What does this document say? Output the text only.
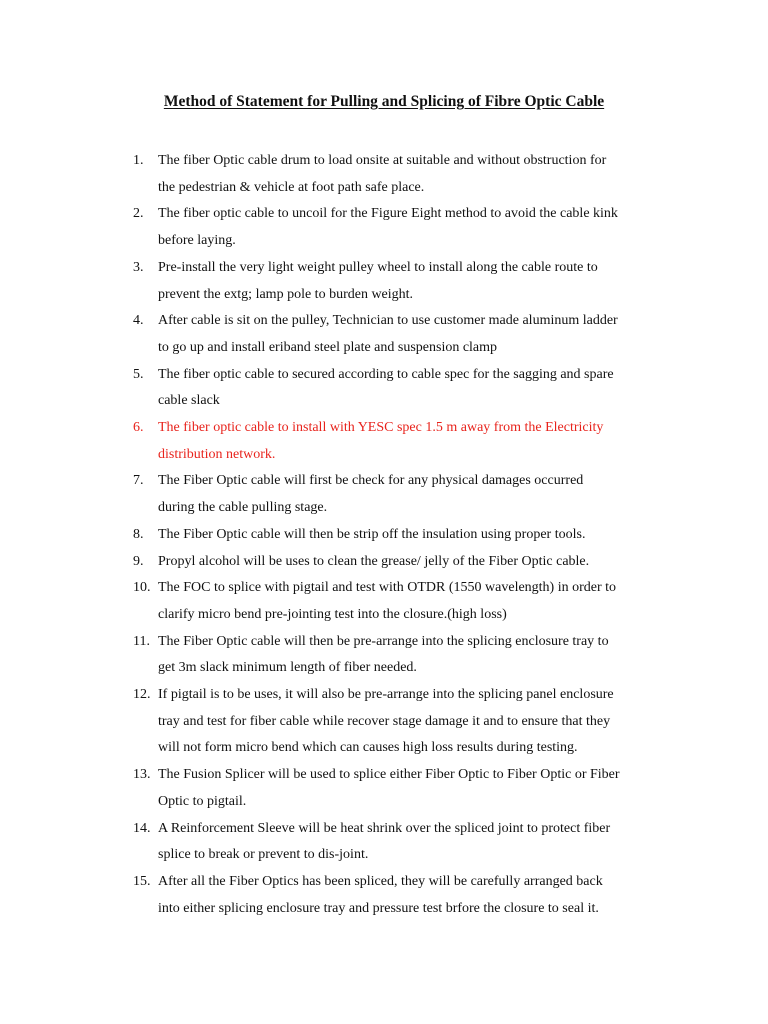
Method of Statement for Pulling and Splicing of Fibre Optic Cable
1. The fiber Optic cable drum to load onsite at suitable and without obstruction for
the pedestrian & vehicle at foot path safe place.
2. The fiber optic cable to uncoil for the Figure Eight method to avoid the cable kink
before laying.
3. Pre-install the very light weight pulley wheel to install along the cable route to
prevent the extg; lamp pole to burden weight.
4. After cable is sit on the pulley, Technician to use customer made aluminum ladder
to go up and install eriband steel plate and suspension clamp
5. The fiber optic cable to secured according to cable spec for the sagging and spare
cable slack
6. The fiber optic cable to install with YESC spec 1.5 m away from the Electricity
distribution network.
7. The Fiber Optic cable will first be check for any physical damages occurred
during the cable pulling stage.
8. The Fiber Optic cable will then be strip off the insulation using proper tools.
9. Propyl alcohol will be uses to clean the grease/ jelly of the Fiber Optic cable.
10. The FOC to splice with pigtail and test with OTDR (1550 wavelength) in order to
clarify micro bend pre-jointing test into the closure.(high loss)
11. The Fiber Optic cable will then be pre-arrange into the splicing enclosure tray to
get 3m slack minimum length of fiber needed.
12. If pigtail is to be uses, it will also be pre-arrange into the splicing panel enclosure
tray and test for fiber cable while recover stage damage it and to ensure that they
will not form micro bend which can causes high loss results during testing.
13. The Fusion Splicer will be used to splice either Fiber Optic to Fiber Optic or Fiber
Optic to pigtail.
14. A Reinforcement Sleeve will be heat shrink over the spliced joint to protect fiber
splice to break or prevent to dis-joint.
15. After all the Fiber Optics has been spliced, they will be carefully arranged back
into either splicing enclosure tray and pressure test brfore the closure to seal it.
